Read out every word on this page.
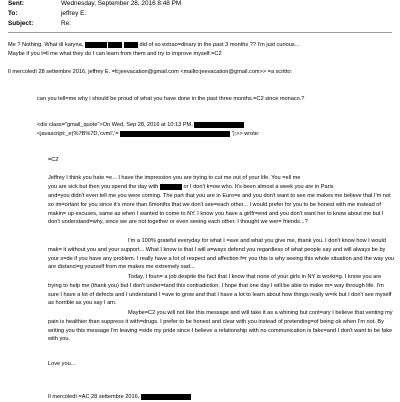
Sent:	Wednesday, September 28, 2016 8:48 PM
To:	jeffrey E.
Subject:	Re:
Me ? Nothing. What di karyna,	did of so extrao=dinary in the past 3 months ?? I'm just curious...
Maybe if you t=ll me what they do I can learn from them and try to improve myself.=C2
Il mercoledì 28 settembre 2016, jeffrey E. =lt;jeevacation@gmail.com <mailto:jeevacation@gmail.com>> =a scritto:
can you tell=me why i should be proud of what you have done in the past three months.=C2 since monaco.?
<div class="gmail_quote">On Wed, Sep 28, 2016 at 10:13 PM,
<javascript:_e(%7B%7D,'cvml','=	');>> wrote:
=C2
Jeffrey I think you hate =e... I have the impression you are trying to cut me out of your life. You =ell me
you are sick but then you spend the day with	or I don't k=ow who. It's been almost a week you are in Paris
and=you didn't even tell me you were coming. The part that you are in Euro=e and you don't want to see me makes me believe that I'm not so im=ortant for you since it's more than 6months that we don't see=each other... I would prefer for you to be honest with me instead of makin= up excuses, same as when I wanted to come to NY. I know you have a girlfr=end and you don't want her to know about me but I don't understand=why, since we are not together or even seeing each other. I thought we wer= friends...?
I'm a 100% grateful everyday for what I =ave and what you give me, thank you. I don't know how I would mak= it without you and your support... What I know is that I will a=ways defend you regardless of what people say and will always be by your s=de if you have any problem. I really have a lot of respect and affection f=r you this is why seeing this whole situation and the way you are distanci=g yourself from me makes me extremely sad...
Today, I foun= a job despite the fact that I know that none of your girls in NY is worki=g. I know you are trying to help me (thank you) but I don't under=tand this contradiction. I hope that one day I will be able to make m= way through life. I'm sure I have a lot of defects and I understand I =ave to grow and that I have a lot to learn about how things really w=rk but I don't see myself as horrible as you say I am.
Maybe=C2 you will not like this message and will take it as a whining but cont=ary I believe that venting my pain is healthier than suppress it with=drugs. I prefer to be honest and clear with you instead of pretending=of being ok when I'm not. By writing you this message I'm leaving =side my pride since I believe a relationship with no communication is fake=and I don't want to be fake with you.
Love you...
Il mercoledì =AC 28 settembre 2016,
